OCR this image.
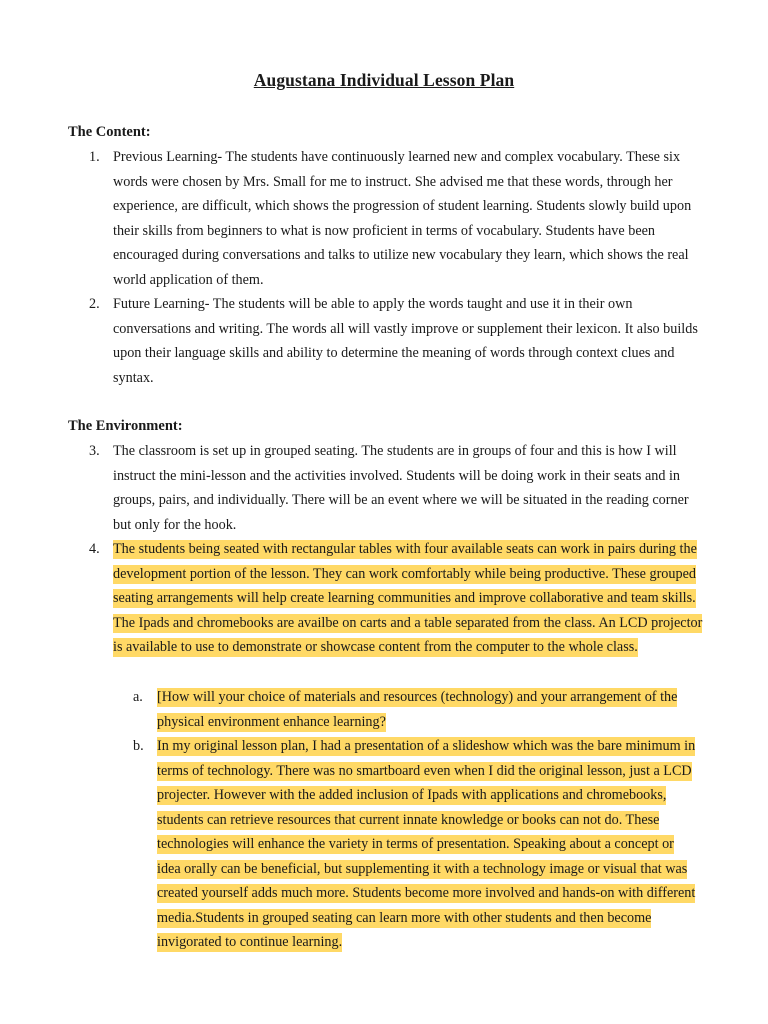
Augustana Individual Lesson Plan
The Content:
1. Previous Learning- The students have continuously learned new and complex vocabulary. These six words were chosen by Mrs. Small for me to instruct. She advised me that these words, through her experience, are difficult, which shows the progression of student learning. Students slowly build upon their skills from beginners to what is now proficient in terms of vocabulary. Students have been encouraged during conversations and talks to utilize new vocabulary they learn, which shows the real world application of them.
2. Future Learning- The students will be able to apply the words taught and use it in their own conversations and writing. The words all will vastly improve or supplement their lexicon. It also builds upon their language skills and ability to determine the meaning of words through context clues and syntax.
The Environment:
3. The classroom is set up in grouped seating. The students are in groups of four and this is how I will instruct the mini-lesson and the activities involved. Students will be doing work in their seats and in groups, pairs, and individually. There will be an event where we will be situated in the reading corner but only for the hook.
4. The students being seated with rectangular tables with four available seats can work in pairs during the development portion of the lesson. They can work comfortably while being productive. These grouped seating arrangements will help create learning communities and improve collaborative and team skills. The Ipads and chromebooks are availbe on carts and a table separated from the class. An LCD projector is available to use to demonstrate or showcase content from the computer to the whole class.
a. [How will your choice of materials and resources (technology) and your arrangement of the physical environment enhance learning?
b. In my original lesson plan, I had a presentation of a slideshow which was the bare minimum in terms of technology. There was no smartboard even when I did the original lesson, just a LCD projecter. However with the added inclusion of Ipads with applications and chromebooks, students can retrieve resources that current innate knowledge or books can not do. These technologies will enhance the variety in terms of presentation. Speaking about a concept or idea orally can be beneficial, but supplementing it with a technology image or visual that was created yourself adds much more. Students become more involved and hands-on with different media.Students in grouped seating can learn more with other students and then become invigorated to continue learning.
